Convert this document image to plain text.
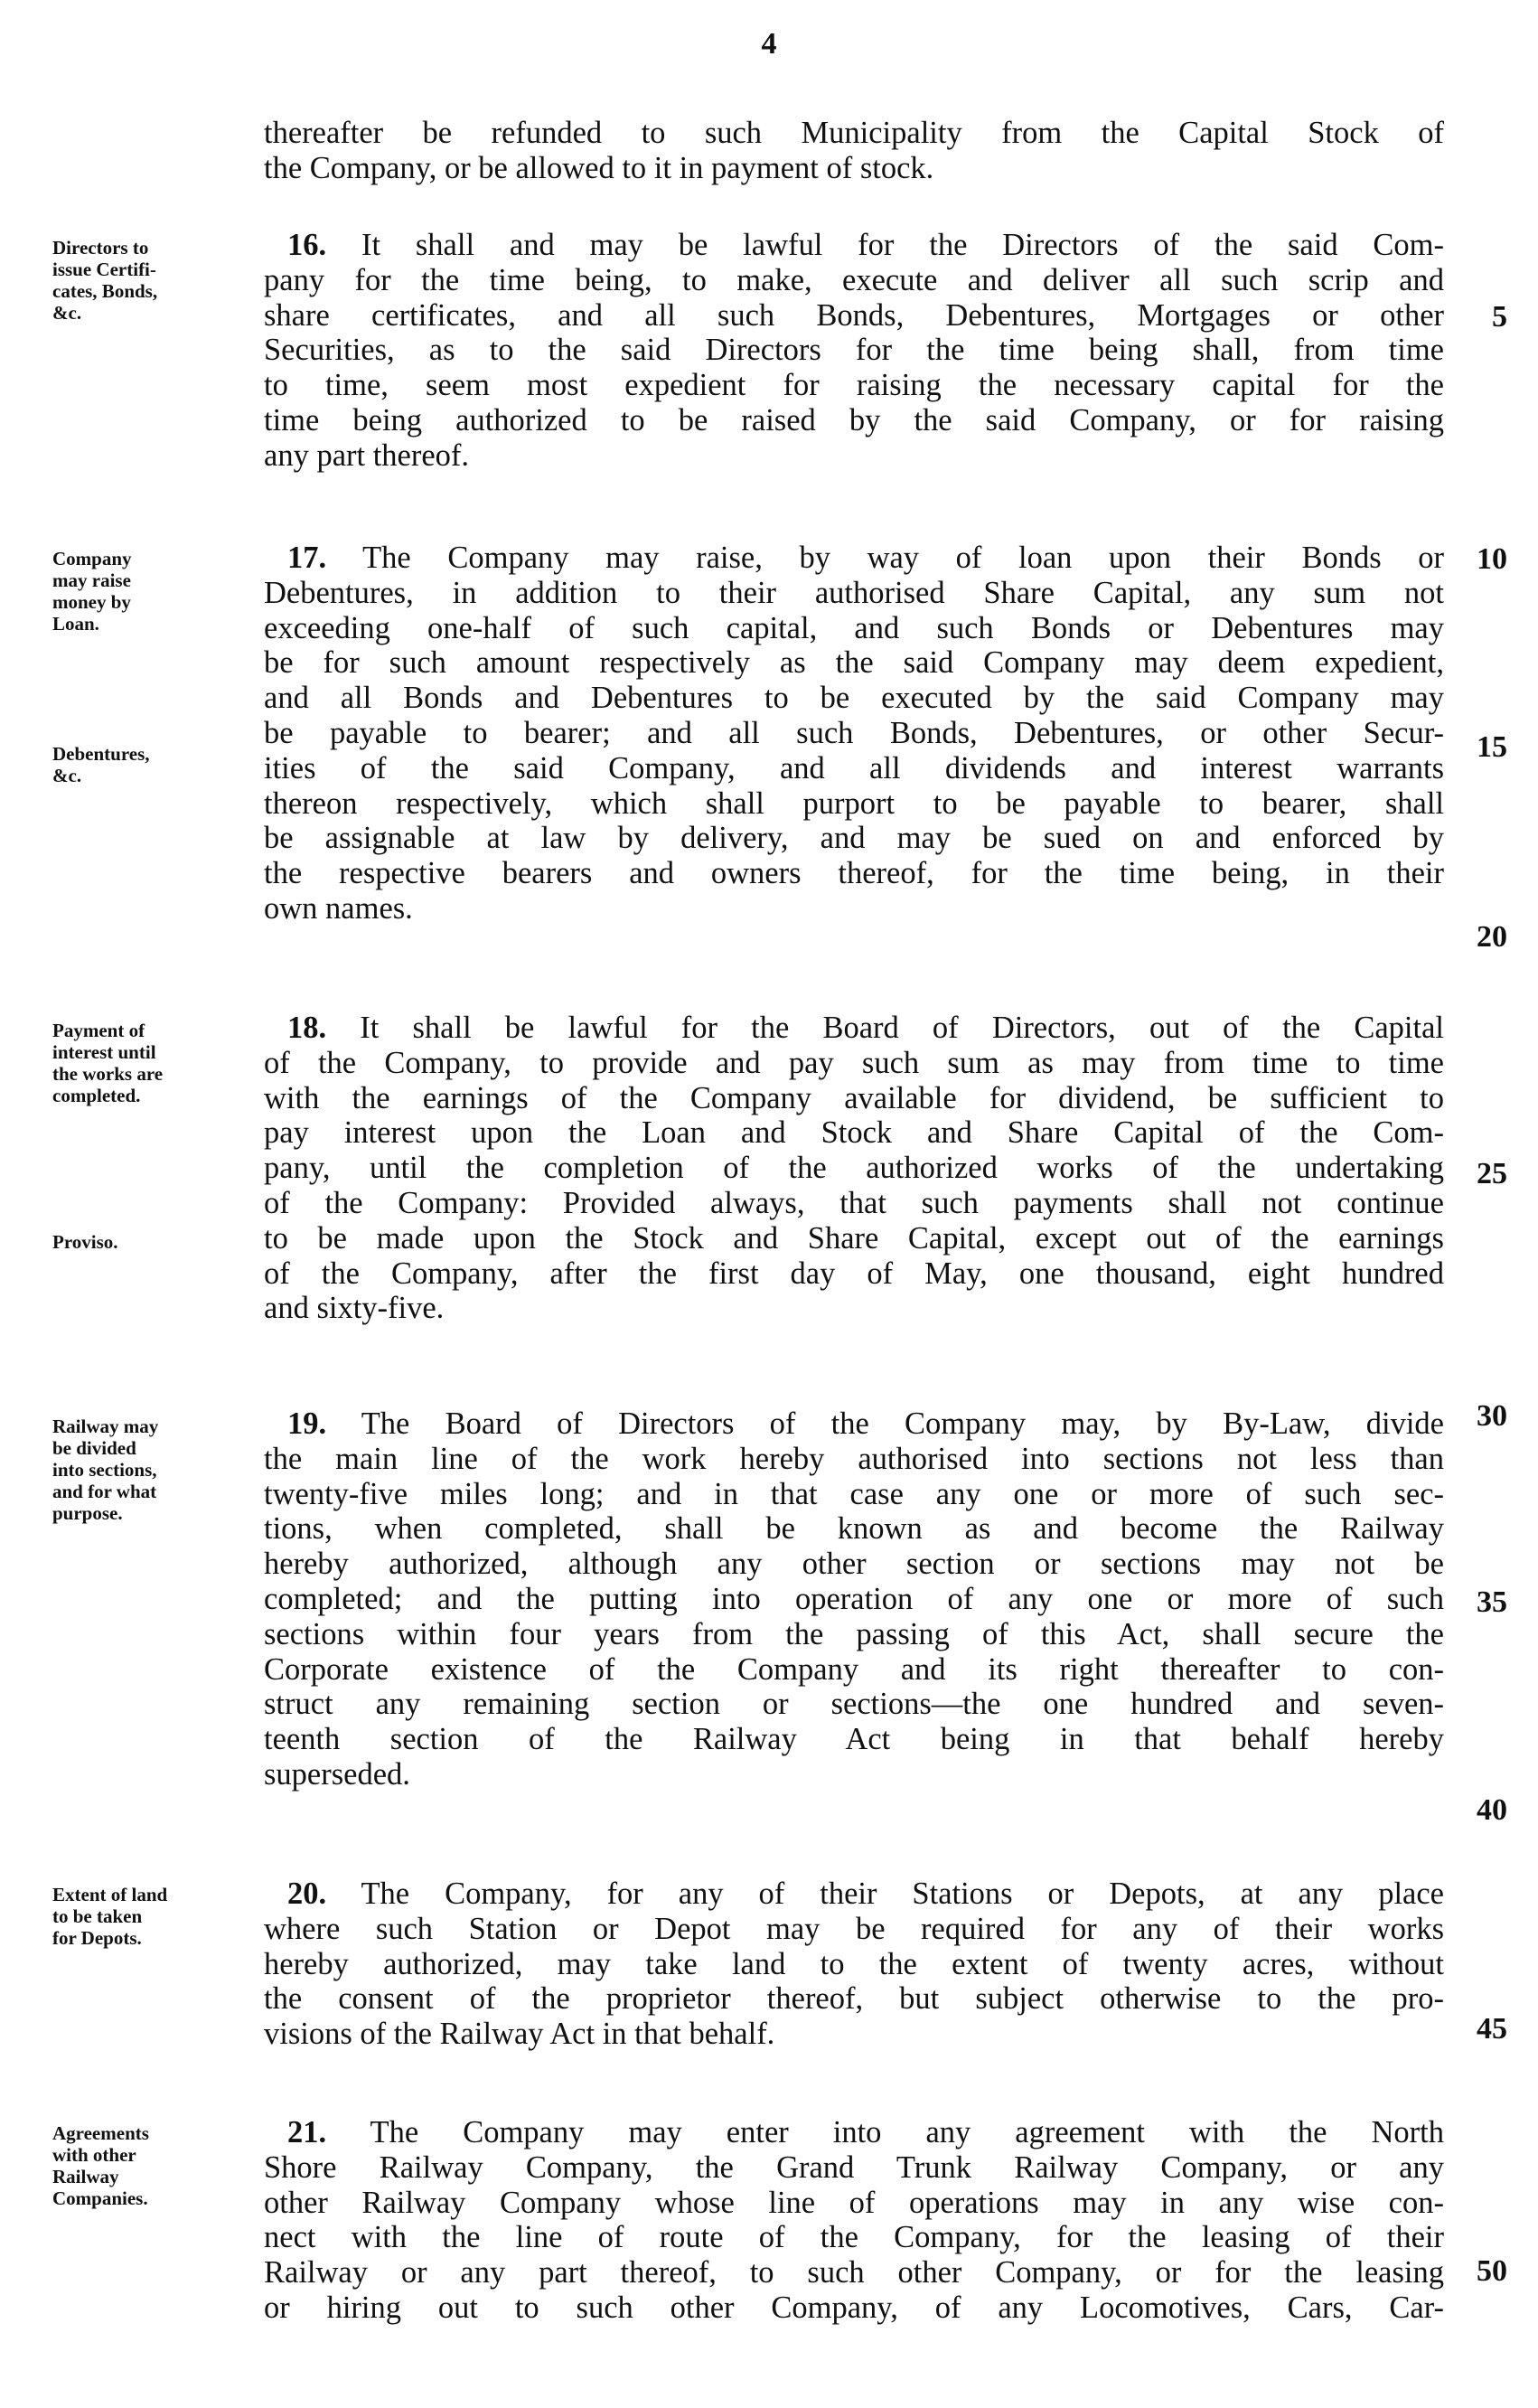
4
thereafter be refunded to such Municipality from the Capital Stock of
the Company, or be allowed to it in payment of stock.
Directors to
issue Certifi-
cates, Bonds,
&c.
16. It shall and may be lawful for the Directors of the said Com-
pany for the time being, to make, execute and deliver all such scrip and
share certificates, and all such Bonds, Debentures, Mortgages or other
Securities, as to the said Directors for the time being shall, from time
to time, seem most expedient for raising the necessary capital for the
time being authorized to be raised by the said Company, or for raising
any part thereof.
Company
may raise
money by
Loan.
Debentures,
&c.
17. The Company may raise, by way of loan upon their Bonds or
Debentures, in addition to their authorised Share Capital, any sum not
exceeding one-half of such capital, and such Bonds or Debentures may
be for such amount respectively as the said Company may deem expedient,
and all Bonds and Debentures to be executed by the said Company may
be payable to bearer; and all such Bonds, Debentures, or other Secur-
ities of the said Company, and all dividends and interest warrants
thereon respectively, which shall purport to be payable to bearer, shall
be assignable at law by delivery, and may be sued on and enforced by
the respective bearers and owners thereof, for the time being, in their
own names.
Payment of
interest until
the works are
completed.
Proviso.
18. It shall be lawful for the Board of Directors, out of the Capital
of the Company, to provide and pay such sum as may from time to time
with the earnings of the Company available for dividend, be sufficient to
pay interest upon the Loan and Stock and Share Capital of the Com-
pany, until the completion of the authorized works of the undertaking
of the Company: Provided always, that such payments shall not continue
to be made upon the Stock and Share Capital, except out of the earnings
of the Company, after the first day of May, one thousand, eight hundred
and sixty-five.
Railway may
be divided
into sections,
and for what
purpose.
19. The Board of Directors of the Company may, by By-Law, divide
the main line of the work hereby authorised into sections not less than
twenty-five miles long; and in that case any one or more of such sec-
tions, when completed, shall be known as and become the Railway
hereby authorized, although any other section or sections may not be
completed; and the putting into operation of any one or more of such
sections within four years from the passing of this Act, shall secure the
Corporate existence of the Company and its right thereafter to con-
struct any remaining section or sections—the one hundred and seven-
teenth section of the Railway Act being in that behalf hereby
superseded.
Extent of land
to be taken
for Depots.
20. The Company, for any of their Stations or Depots, at any place
where such Station or Depot may be required for any of their works
hereby authorized, may take land to the extent of twenty acres, without
the consent of the proprietor thereof, but subject otherwise to the pro-
visions of the Railway Act in that behalf.
Agreements
with other
Railway
Companies.
21. The Company may enter into any agreement with the North
Shore Railway Company, the Grand Trunk Railway Company, or any
other Railway Company whose line of operations may in any wise con-
nect with the line of route of the Company, for the leasing of their
Railway or any part thereof, to such other Company, or for the leasing
or hiring out to such other Company, of any Locomotives, Cars, Car-
5
10
15
20
25
30
35
40
45
50
